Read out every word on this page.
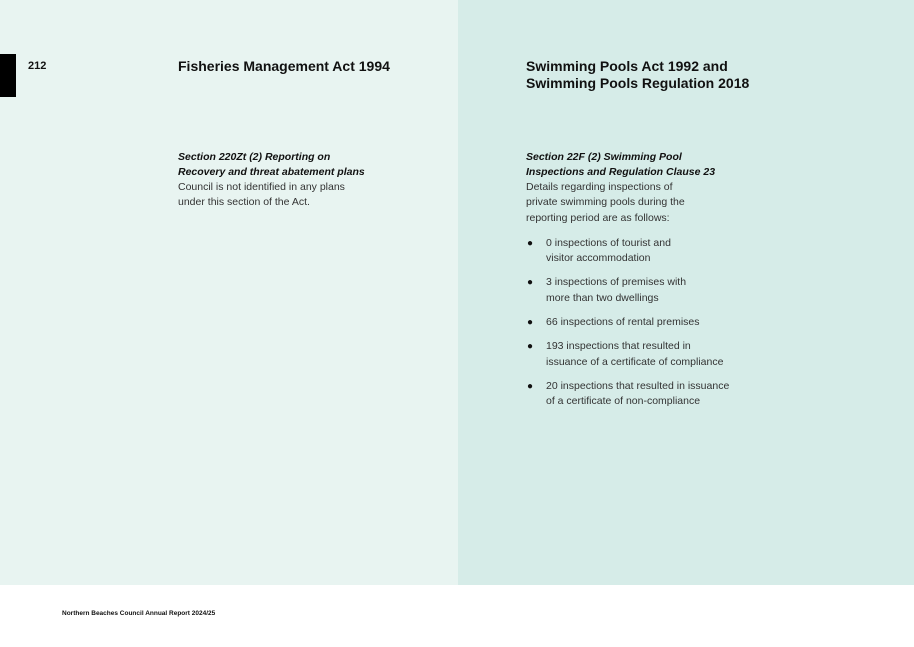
212	Fisheries Management Act 1994
Section 220Zt (2) Reporting on
Recovery and threat abatement plans
Council is not identified in any plans
under this section of the Act.
Swimming Pools Act 1992 and
Swimming Pools Regulation 2018
Section 22F (2) Swimming Pool
Inspections and Regulation Clause 23
Details regarding inspections of
private swimming pools during the
reporting period are as follows:
● 0 inspections of tourist and
visitor accommodation
● 3 inspections of premises with
more than two dwellings
● 66 inspections of rental premises
● 193 inspections that resulted in
issuance of a certificate of compliance
● 20 inspections that resulted in issuance
of a certificate of non-compliance
Northern Beaches Council Annual Report 2024/25
